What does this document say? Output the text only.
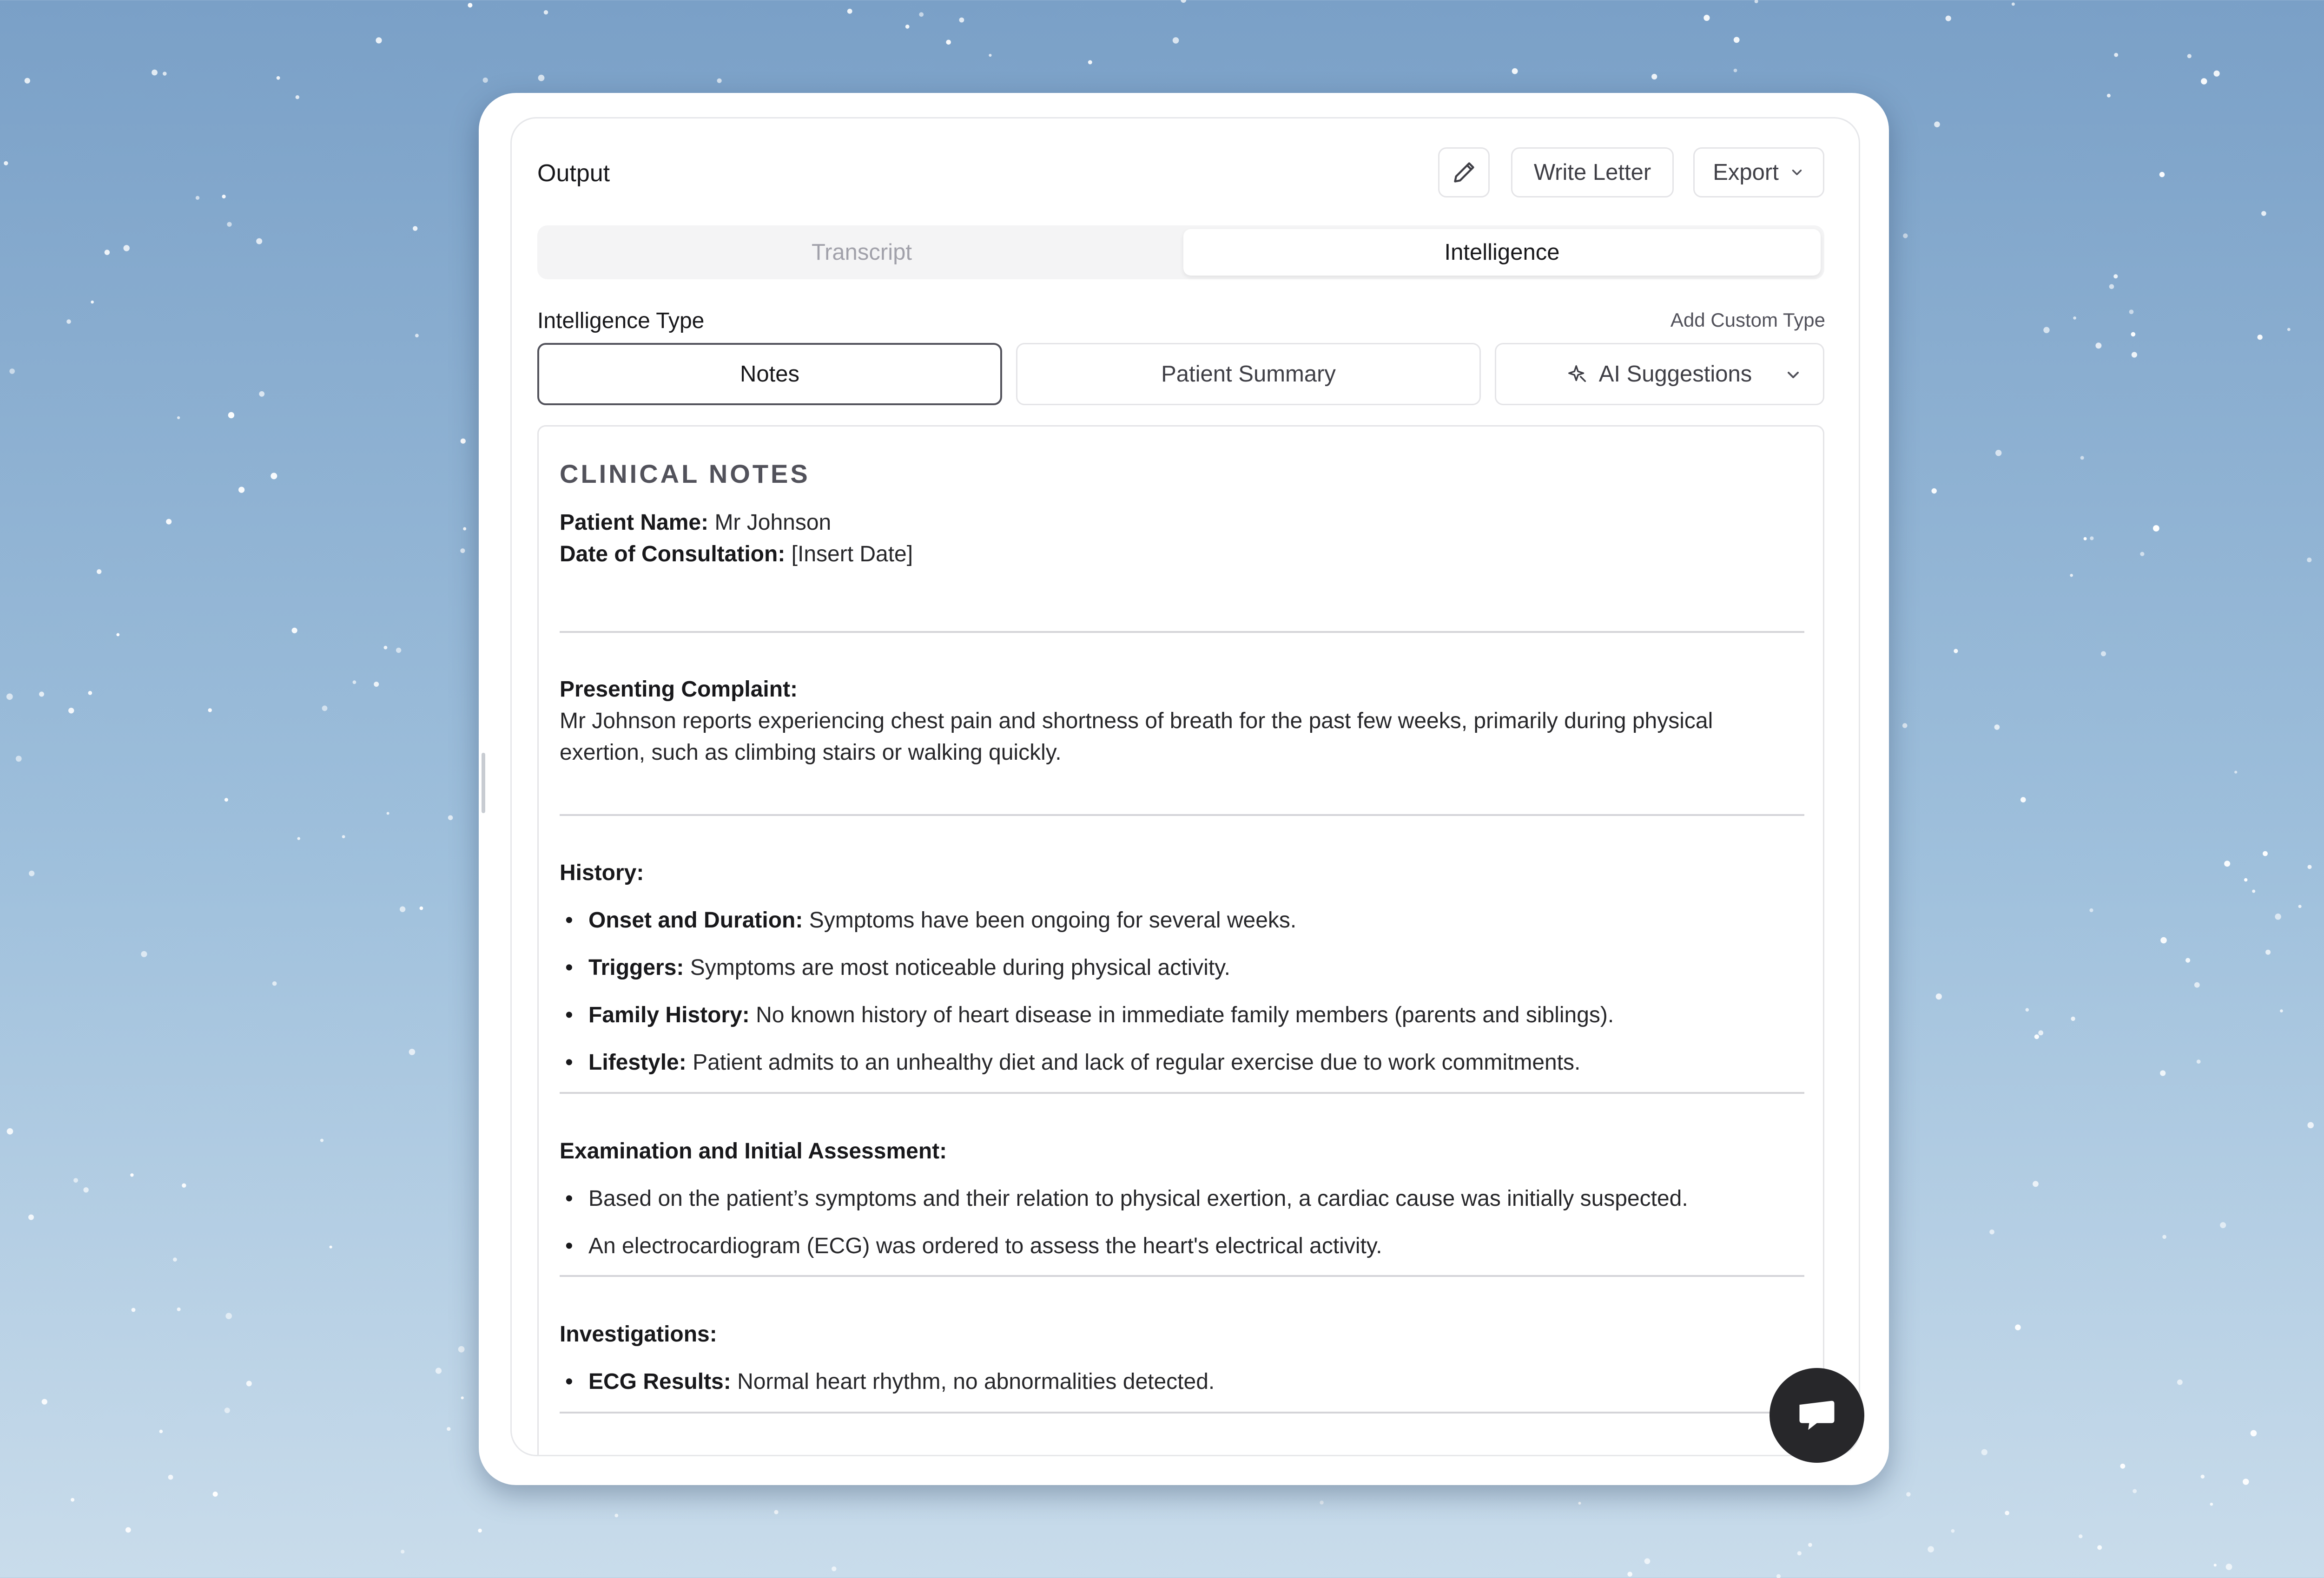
Output	Write Letter	Export
Transcript	Intelligence
Intelligence Type	Add Custom Type
Notes	Patient Summary	AI Suggestions
CLINICAL NOTES
Patient Name: Mr Johnson
Date of Consultation: [Insert Date]
Presenting Complaint:
Mr Johnson reports experiencing chest pain and shortness of breath for the past few weeks, primarily during physical
exertion, such as climbing stairs or walking quickly.
History:
• Onset and Duration: Symptoms have been ongoing for several weeks.
• Triggers: Symptoms are most noticeable during physical activity.
• Family History: No known history of heart disease in immediate family members (parents and siblings).
• Lifestyle: Patient admits to an unhealthy diet and lack of regular exercise due to work commitments.
Examination and Initial Assessment:
• Based on the patient’s symptoms and their relation to physical exertion, a cardiac cause was initially suspected.
• An electrocardiogram (ECG) was ordered to assess the heart's electrical activity.
Investigations:
• ECG Results: Normal heart rhythm, no abnormalities detected.
